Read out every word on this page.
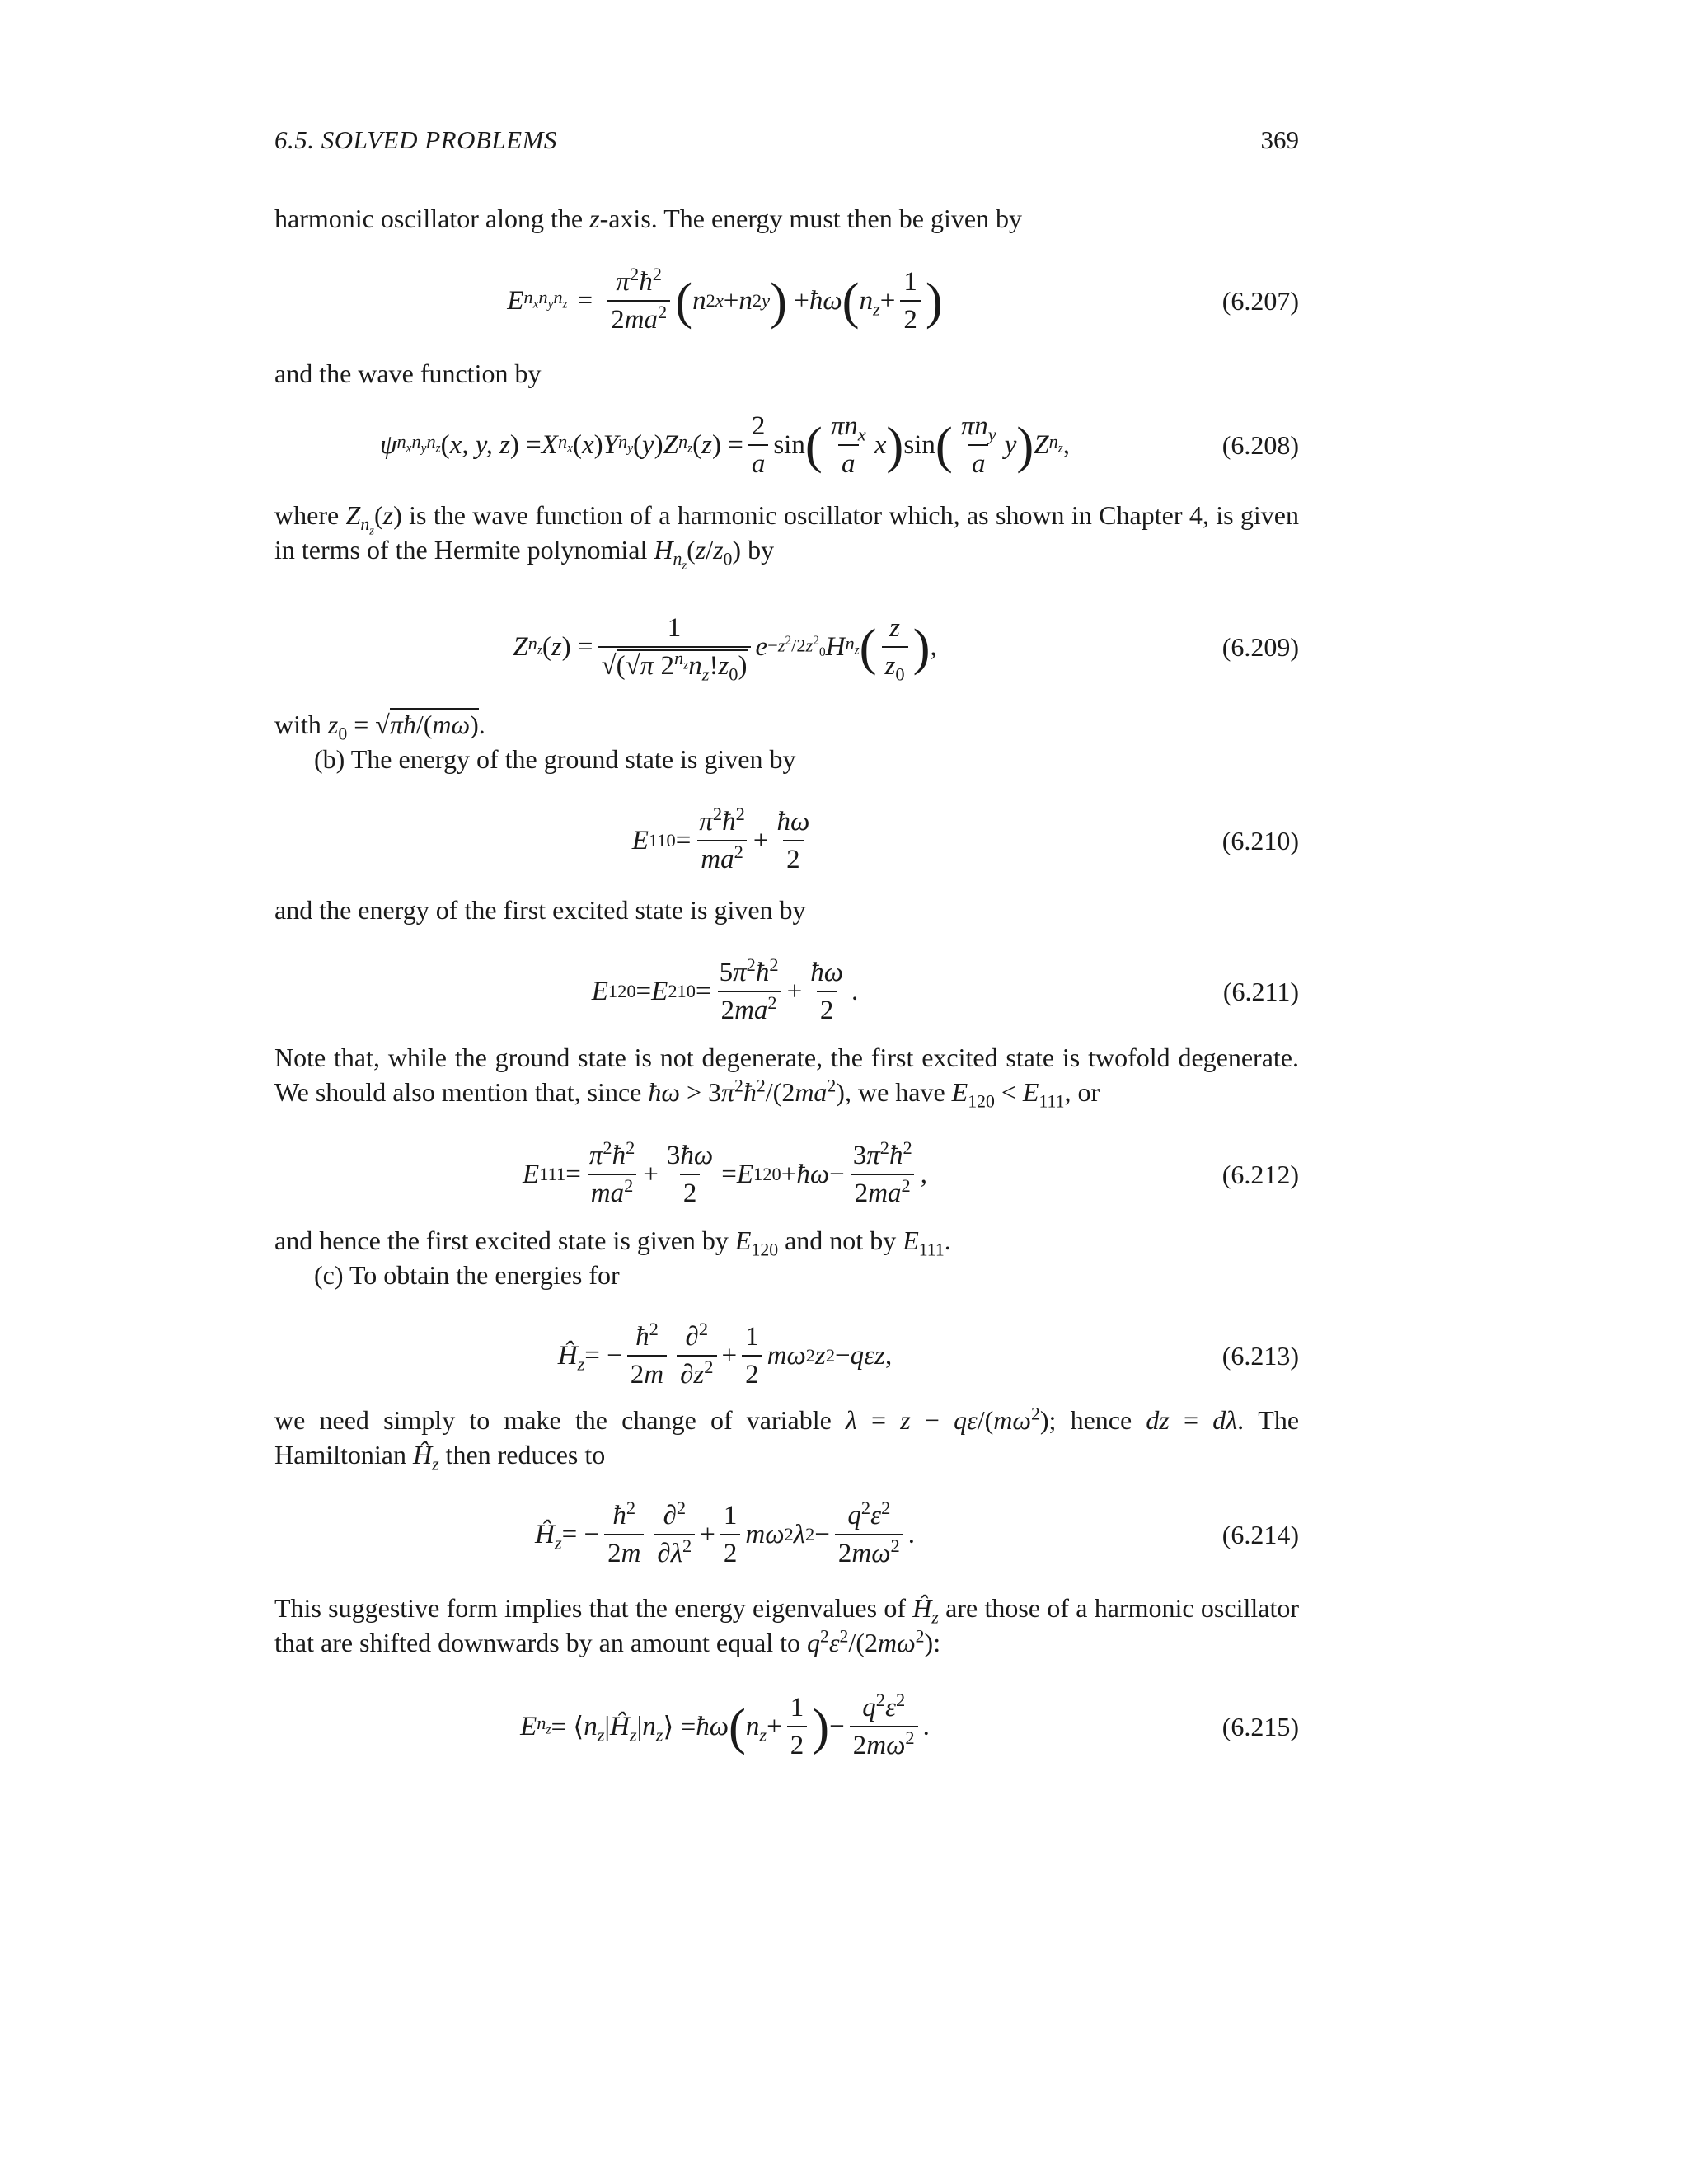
6.5. SOLVED PROBLEMS	369
harmonic oscillator along the z-axis. The energy must then be given by
E $n_xn_yn_z = \frac{\pi^2ħ^2}{2ma^2}$ ( n 2 x + n 2 y ) + ħω ( $n_z + \frac{1}{2}$ )	(6.207)
and the wave function by
ψ $n_xn_yn_z$ ( x, y, z ) = X $n_x$ ( x ) Y $n_y$ ( y ) Z $n_z$ ( z ) = $\frac{2}{a}$ sin ( $\frac{\pi n_x}{a}$ x ) sin ( $\frac{\pi n_y}{a}$ y ) Z $n_z$ ,	(6.208)
where $Z_{n_z}(z)$ is the wave function of a harmonic oscillator which, as shown in Chapter 4, is given in terms of the Hermite polynomial $H_{n_z}(z/z_0)$ by
Z $n_z$ ( z ) = $\frac{1}{√(√\pi 2^{n_z}n_z!z_0)}$ $e -z^2/2z^2_0$ H $n_z$ ( $\frac{z}{z_0}$ ) ,	(6.209)
with $z_0$ = √πħ/(mω).
(b) The energy of the ground state is given by
E $110 = \frac{\pi^2ħ^2}{ma^2} + \frac{ħ\omega}{2}$	(6.210)
and the energy of the first excited state is given by
E 120 = E $210 = \frac{5\pi^2ħ^2}{2ma^2} + \frac{ħ\omega}{2}$ .	(6.211)
Note that, while the ground state is not degenerate, the first excited state is twofold degenerate. We should also mention that, since ħω > $3\pi^2ħ^2/(2ma^2)$, we have $E_{120} < E_{111}$, or
E $111 = \frac{\pi^2ħ^2}{ma^2} + \frac{3ħ\omega}{2} = E$ 120 + ħω − $\frac{3\pi^2ħ^2}{2ma^2}$ ,	(6.212)
and hence the first excited state is given by $E_{120}$ and not by $E_{111}$.
(c) To obtain the energies for
$Ĥ_z$ = − $\frac{ħ^2}{2m} \frac{\partial^2}{\partial z^2} + \frac{1}{2}$ mω 2 z 2 − qεz ,	(6.213)
we need simply to make the change of variable $\lambda = z - q\varepsilon/(m\omega^2)$; hence dz = dλ. The Hamiltonian $Ĥ_z$ then reduces to
$Ĥ_z$ = − $\frac{ħ^2}{2m} \frac{\partial^2}{\partial\lambda^2} + \frac{1}{2}$ mω 2 λ $2 - \frac{q^2\varepsilon^2}{2m\omega^2}$ .	(6.214)
This suggestive form implies that the energy eigenvalues of $Ĥ_z$ are those of a harmonic oscillator that are shifted downwards by an amount equal to $q^2\varepsilon^2/(2m\omega^2)$:
E $n_z$ = ⟨ $n_z$ | $Ĥ_z$ | $n_z$ ⟩ = ħω ( $n_z + \frac{1}{2}$ ) − $\frac{q^2\varepsilon^2}{2m\omega^2}$ .	(6.215)
